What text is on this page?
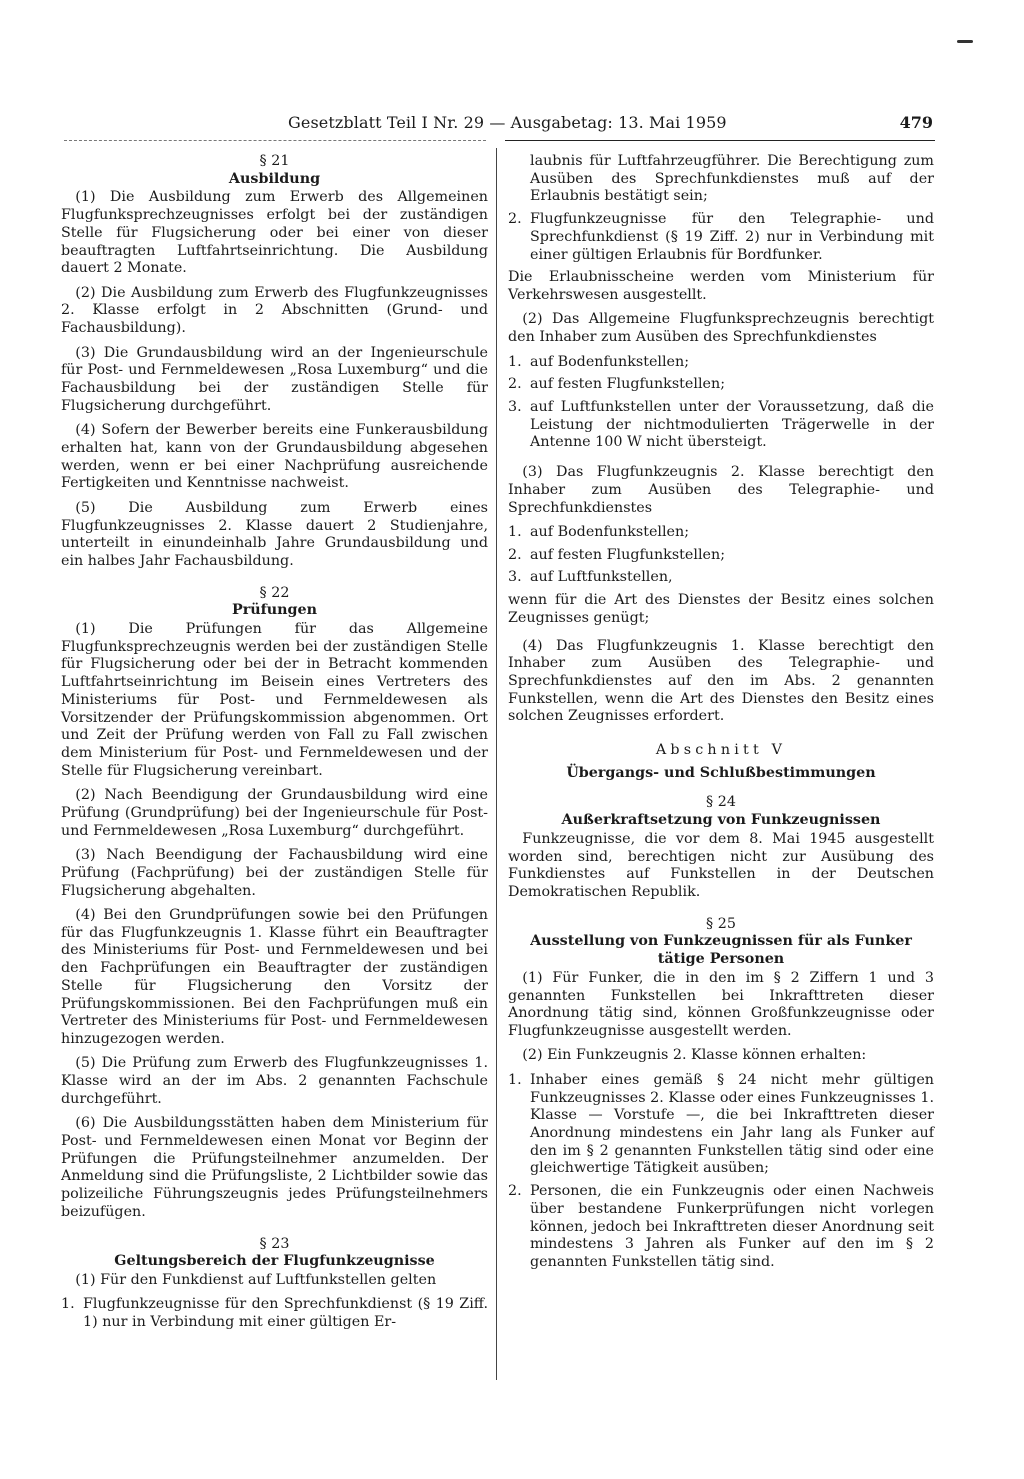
Gesetzblatt Teil I Nr. 29 — Ausgabetag: 13. Mai 1959	479

§ 21

Ausbildung

(1) Die Ausbildung zum Erwerb des Allgemeinen Flugfunksprechzeugnisses erfolgt bei der zuständigen Stelle für Flugsicherung oder bei einer von dieser beauftragten Luftfahrtseinrichtung. Die Ausbildung dauert 2 Monate.

(2) Die Ausbildung zum Erwerb des Flugfunkzeugnisses 2. Klasse erfolgt in 2 Abschnitten (Grund- und Fachausbildung).

(3) Die Grundausbildung wird an der Ingenieurschule für Post- und Fernmeldewesen „Rosa Luxemburg“ und die Fachausbildung bei der zuständigen Stelle für Flugsicherung durchgeführt.

(4) Sofern der Bewerber bereits eine Funkerausbildung erhalten hat, kann von der Grundausbildung abgesehen werden, wenn er bei einer Nachprüfung ausreichende Fertigkeiten und Kenntnisse nachweist.

(5) Die Ausbildung zum Erwerb eines Flugfunkzeugnisses 2. Klasse dauert 2 Studienjahre, unterteilt in einundeinhalb Jahre Grundausbildung und ein halbes Jahr Fachausbildung.

§ 22

Prüfungen

(1) Die Prüfungen für das Allgemeine Flugfunksprechzeugnis werden bei der zuständigen Stelle für Flugsicherung oder bei der in Betracht kommenden Luftfahrtseinrichtung im Beisein eines Vertreters des Ministeriums für Post- und Fernmeldewesen als Vorsitzender der Prüfungskommission abgenommen. Ort und Zeit der Prüfung werden von Fall zu Fall zwischen dem Ministerium für Post- und Fernmeldewesen und der Stelle für Flugsicherung vereinbart.

(2) Nach Beendigung der Grundausbildung wird eine Prüfung (Grundprüfung) bei der Ingenieurschule für Post- und Fernmeldewesen „Rosa Luxemburg“ durchgeführt.

(3) Nach Beendigung der Fachausbildung wird eine Prüfung (Fachprüfung) bei der zuständigen Stelle für Flugsicherung abgehalten.

(4) Bei den Grundprüfungen sowie bei den Prüfungen für das Flugfunkzeugnis 1. Klasse führt ein Beauftragter des Ministeriums für Post- und Fernmeldewesen und bei den Fachprüfungen ein Beauftragter der zuständigen Stelle für Flugsicherung den Vorsitz der Prüfungskommissionen. Bei den Fachprüfungen muß ein Vertreter des Ministeriums für Post- und Fernmeldewesen hinzugezogen werden.

(5) Die Prüfung zum Erwerb des Flugfunkzeugnisses 1. Klasse wird an der im Abs. 2 genannten Fachschule durchgeführt.

(6) Die Ausbildungsstätten haben dem Ministerium für Post- und Fernmeldewesen einen Monat vor Beginn der Prüfungen die Prüfungsteilnehmer anzumelden. Der Anmeldung sind die Prüfungsliste, 2 Lichtbilder sowie das polizeiliche Führungszeugnis jedes Prüfungsteilnehmers beizufügen.

§ 23

Geltungsbereich der Flugfunkzeugnisse

(1) Für den Funkdienst auf Luftfunkstellen gelten

1. Flugfunkzeugnisse für den Sprechfunkdienst (§ 19 Ziff. 1) nur in Verbindung mit einer gültigen Er-
laubnis für Luftfahrzeugführer. Die Berechtigung zum Ausüben des Sprechfunkdienstes muß auf der Erlaubnis bestätigt sein;
2. Flugfunkzeugnisse für den Telegraphie- und Sprechfunkdienst (§ 19 Ziff. 2) nur in Verbindung mit einer gültigen Erlaubnis für Bordfunker.

Die Erlaubnisscheine werden vom Ministerium für Verkehrswesen ausgestellt.

(2) Das Allgemeine Flugfunksprechzeugnis berechtigt den Inhaber zum Ausüben des Sprechfunkdienstes

1. auf Bodenfunkstellen;
2. auf festen Flugfunkstellen;
3. auf Luftfunkstellen unter der Voraussetzung, daß die Leistung der nichtmodulierten Trägerwelle in der Antenne 100 W nicht übersteigt.

(3) Das Flugfunkzeugnis 2. Klasse berechtigt den Inhaber zum Ausüben des Telegraphie- und Sprechfunkdienstes

1. auf Bodenfunkstellen;
2. auf festen Flugfunkstellen;
3. auf Luftfunkstellen,

wenn für die Art des Dienstes der Besitz eines solchen Zeugnisses genügt;

(4) Das Flugfunkzeugnis 1. Klasse berechtigt den Inhaber zum Ausüben des Telegraphie- und Sprechfunkdienstes auf den im Abs. 2 genannten Funkstellen, wenn die Art des Dienstes den Besitz eines solchen Zeugnisses erfordert.

Abschnitt V

Übergangs- und Schlußbestimmungen

§ 24

Außerkraftsetzung von Funkzeugnissen

Funkzeugnisse, die vor dem 8. Mai 1945 ausgestellt worden sind, berechtigen nicht zur Ausübung des Funkdienstes auf Funkstellen in der Deutschen Demokratischen Republik.

§ 25

Ausstellung von Funkzeugnissen für als Funker tätige Personen

(1) Für Funker, die in den im § 2 Ziffern 1 und 3 genannten Funkstellen bei Inkrafttreten dieser Anordnung tätig sind, können Großfunkzeugnisse oder Flugfunkzeugnisse ausgestellt werden.

(2) Ein Funkzeugnis 2. Klasse können erhalten:

1. Inhaber eines gemäß § 24 nicht mehr gültigen Funkzeugnisses 2. Klasse oder eines Funkzeugnisses 1. Klasse — Vorstufe —, die bei Inkrafttreten dieser Anordnung mindestens ein Jahr lang als Funker auf den im § 2 genannten Funkstellen tätig sind oder eine gleichwertige Tätigkeit ausüben;
2. Personen, die ein Funkzeugnis oder einen Nachweis über bestandene Funkerprüfungen nicht vorlegen können, jedoch bei Inkrafttreten dieser Anordnung seit mindestens 3 Jahren als Funker auf den im § 2 genannten Funkstellen tätig sind.
